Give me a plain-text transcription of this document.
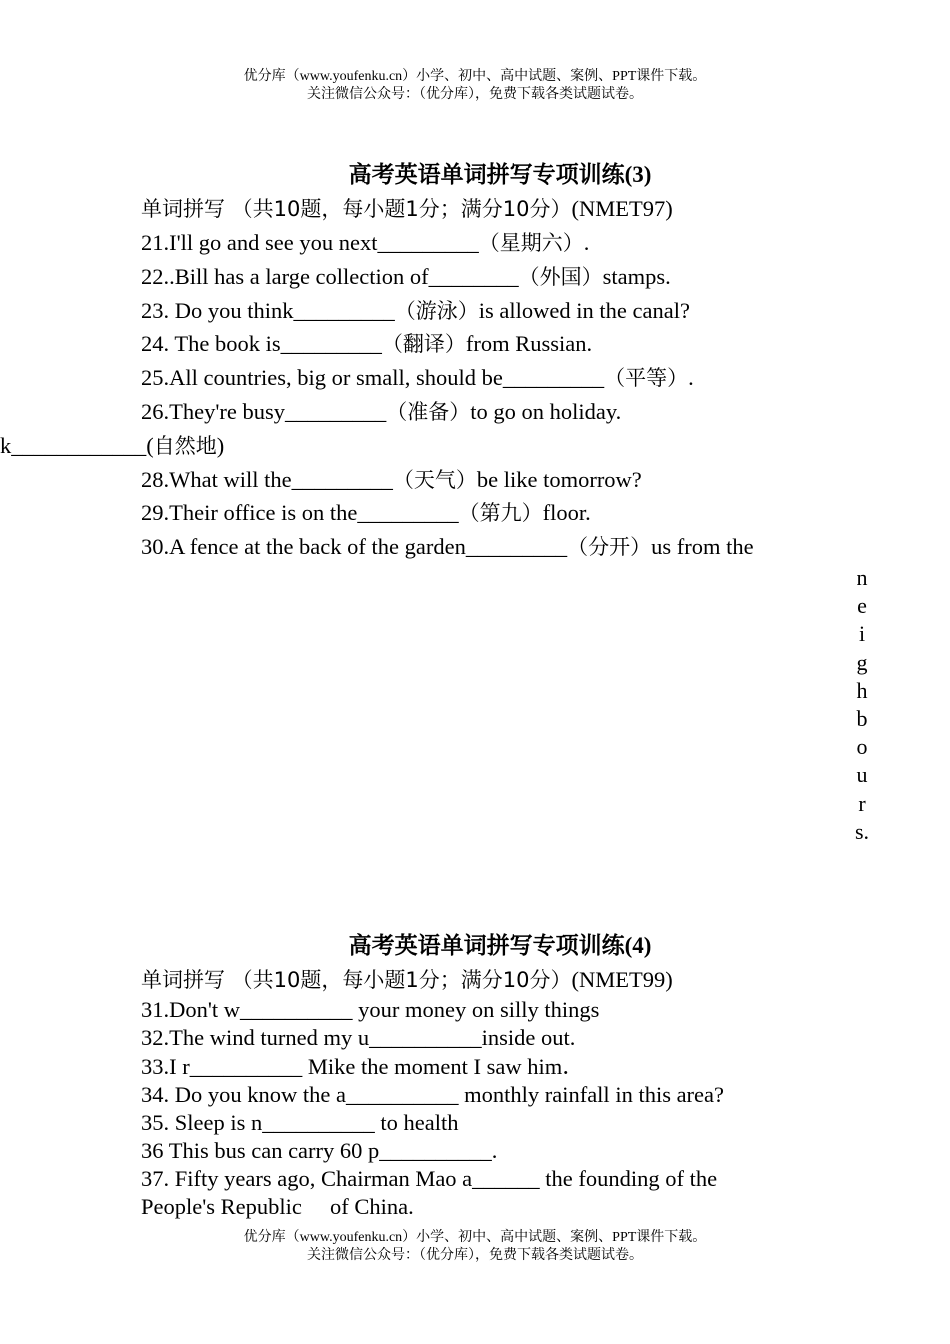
优分库（www.youfenku.cn）小学、初中、高中试题、案例、PPT课件下载。
关注微信公众号：（优分库），免费下载各类试题试卷。
高考英语单词拼写专项训练(3)
单词拼写 （共10题，每小题1分；满分10分）(NMET97)
21.I'll go and see you next_________（星期六）.
22..Bill has a large collection of________（外国）stamps.
23. Do you think_________（游泳）is allowed in the canal?
24. The book is_________（翻译）from Russian.
25.All countries, big or small, should be_________（平等）.
26.They're busy_________（准备）to go on holiday.
k____________(自然地)
28.What will the_________（天气）be like tomorrow?
29.Their office is on the_________（第九）floor.
30.A fence at the back of the garden_________（分开）us from the
neighbours.
高考英语单词拼写专项训练(4)
单词拼写 （共10题，每小题1分；满分10分）(NMET99)
31.Don't w__________ your money on silly things
32.The wind turned my u__________inside out.
33.I r__________ Mike the moment I saw him．
34. Do you know the a__________ monthly rainfall in this area?
35. Sleep is n__________ to health
36 This bus can carry 60 p__________.
37. Fifty years ago, Chairman Mao a______ the founding of the
People's Republic     of China.
优分库（www.youfenku.cn）小学、初中、高中试题、案例、PPT课件下载。
关注微信公众号：（优分库），免费下载各类试题试卷。
